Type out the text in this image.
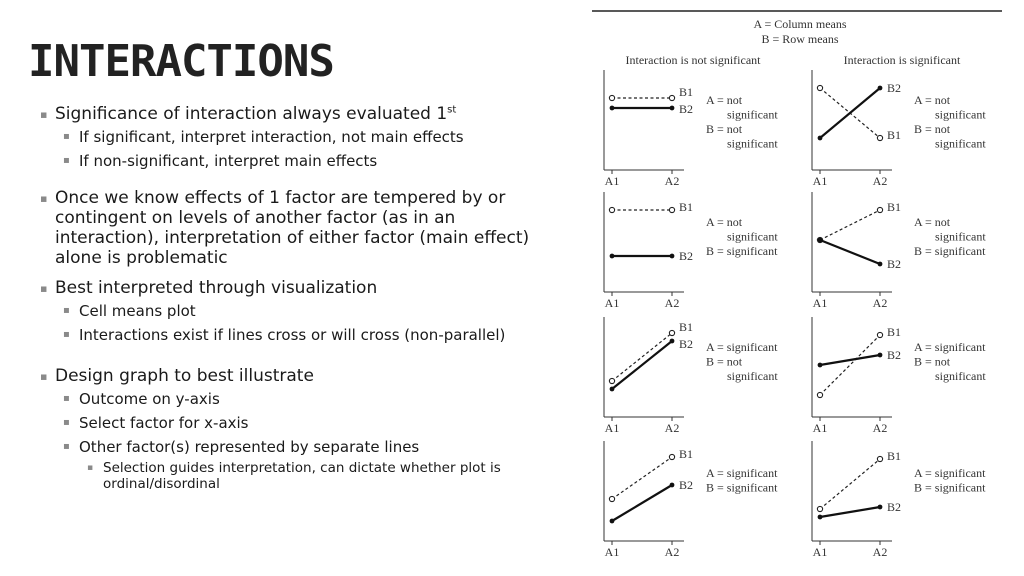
INTERACTIONS
▪ Significance of interaction always evaluated 1st
▪ If significant, interpret interaction, not main effects
▪ If non-significant, interpret main effects
▪ Once we know effects of 1 factor are tempered by or contingent on levels of another factor (as in an interaction), interpretation of either factor (main effect) alone is problematic
▪ Best interpreted through visualization
▪ Cell means plot
▪ Interactions exist if lines cross or will cross (non-parallel)
▪ Design graph to best illustrate
▪ Outcome on y-axis
▪ Select factor for x-axis
▪ Other factor(s) represented by separate lines
▪ Selection guides interpretation, can dictate whether plot is ordinal/disordinal
A = Column means
B = Row means
Interaction is not significant	Interaction is significant
A1	A2
B1
B2
A = not
significant
B = not
significant
A1	A2
B1
B2
A = not
significant
B = not
significant
A1	A2
B1
B2
A = not
significant
B = significant
A1	A2
B1
B2
A = not
significant
B = significant
A1	A2
B1
B2 A = significant
B = not
significant
A1	A2
B1
B2
A = significant
B = not
significant
A1	A2
B1
B2
A = significant
B = significant
A1	A2
B1
B2
A = significant
B = significant
